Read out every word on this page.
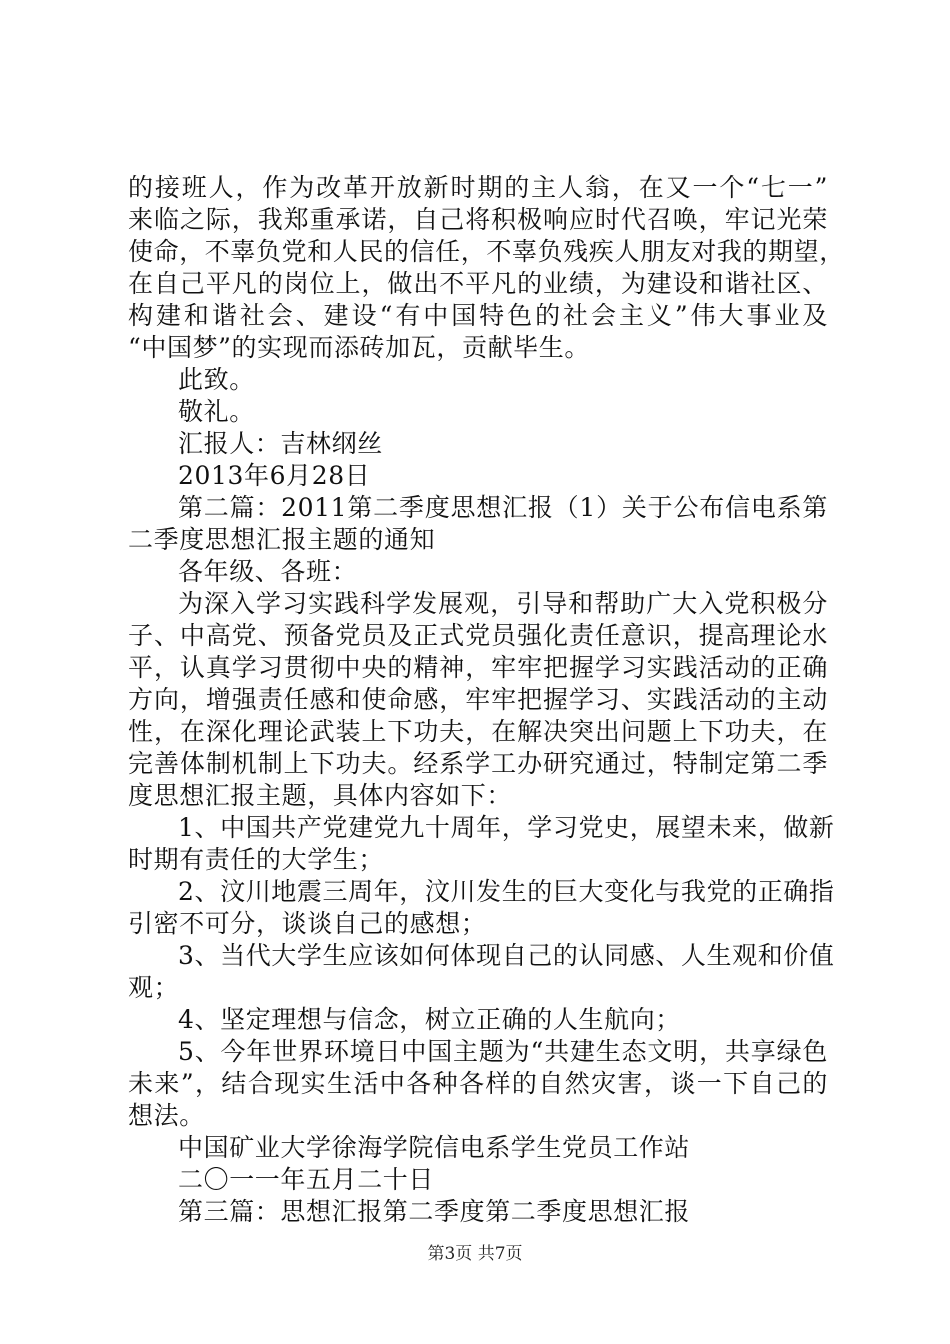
的接班人，作为改革开放新时期的主人翁，在又一个“七一”
来临之际，我郑重承诺，自己将积极响应时代召唤，牢记光荣
使命，不辜负党和人民的信任，不辜负残疾人朋友对我的期望，
在自己平凡的岗位上，做出不平凡的业绩，为建设和谐社区、
构建和谐社会、建设“有中国特色的社会主义”伟大事业及
“中国梦”的实现而添砖加瓦，贡献毕生。
此致。
敬礼。
汇报人：吉林纲丝
2013年6月28日
第二篇：2011第二季度思想汇报（1）关于公布信电系第
二季度思想汇报主题的通知
各年级、各班：
为深入学习实践科学发展观，引导和帮助广大入党积极分
子、中高党、预备党员及正式党员强化责任意识，提高理论水
平，认真学习贯彻中央的精神，牢牢把握学习实践活动的正确
方向，增强责任感和使命感，牢牢把握学习、实践活动的主动
性，在深化理论武装上下功夫，在解决突出问题上下功夫，在
完善体制机制上下功夫。经系学工办研究通过，特制定第二季
度思想汇报主题，具体内容如下：
1、中国共产党建党九十周年，学习党史，展望未来，做新
时期有责任的大学生；
2、汶川地震三周年，汶川发生的巨大变化与我党的正确指
引密不可分，谈谈自己的感想；
3、当代大学生应该如何体现自己的认同感、人生观和价值
观；
4、坚定理想与信念，树立正确的人生航向；
5、今年世界环境日中国主题为“共建生态文明，共享绿色
未来”，结合现实生活中各种各样的自然灾害，谈一下自己的
想法。
中国矿业大学徐海学院信电系学生党员工作站
二〇一一年五月二十日
第三篇：思想汇报第二季度第二季度思想汇报
第3页 共7页
